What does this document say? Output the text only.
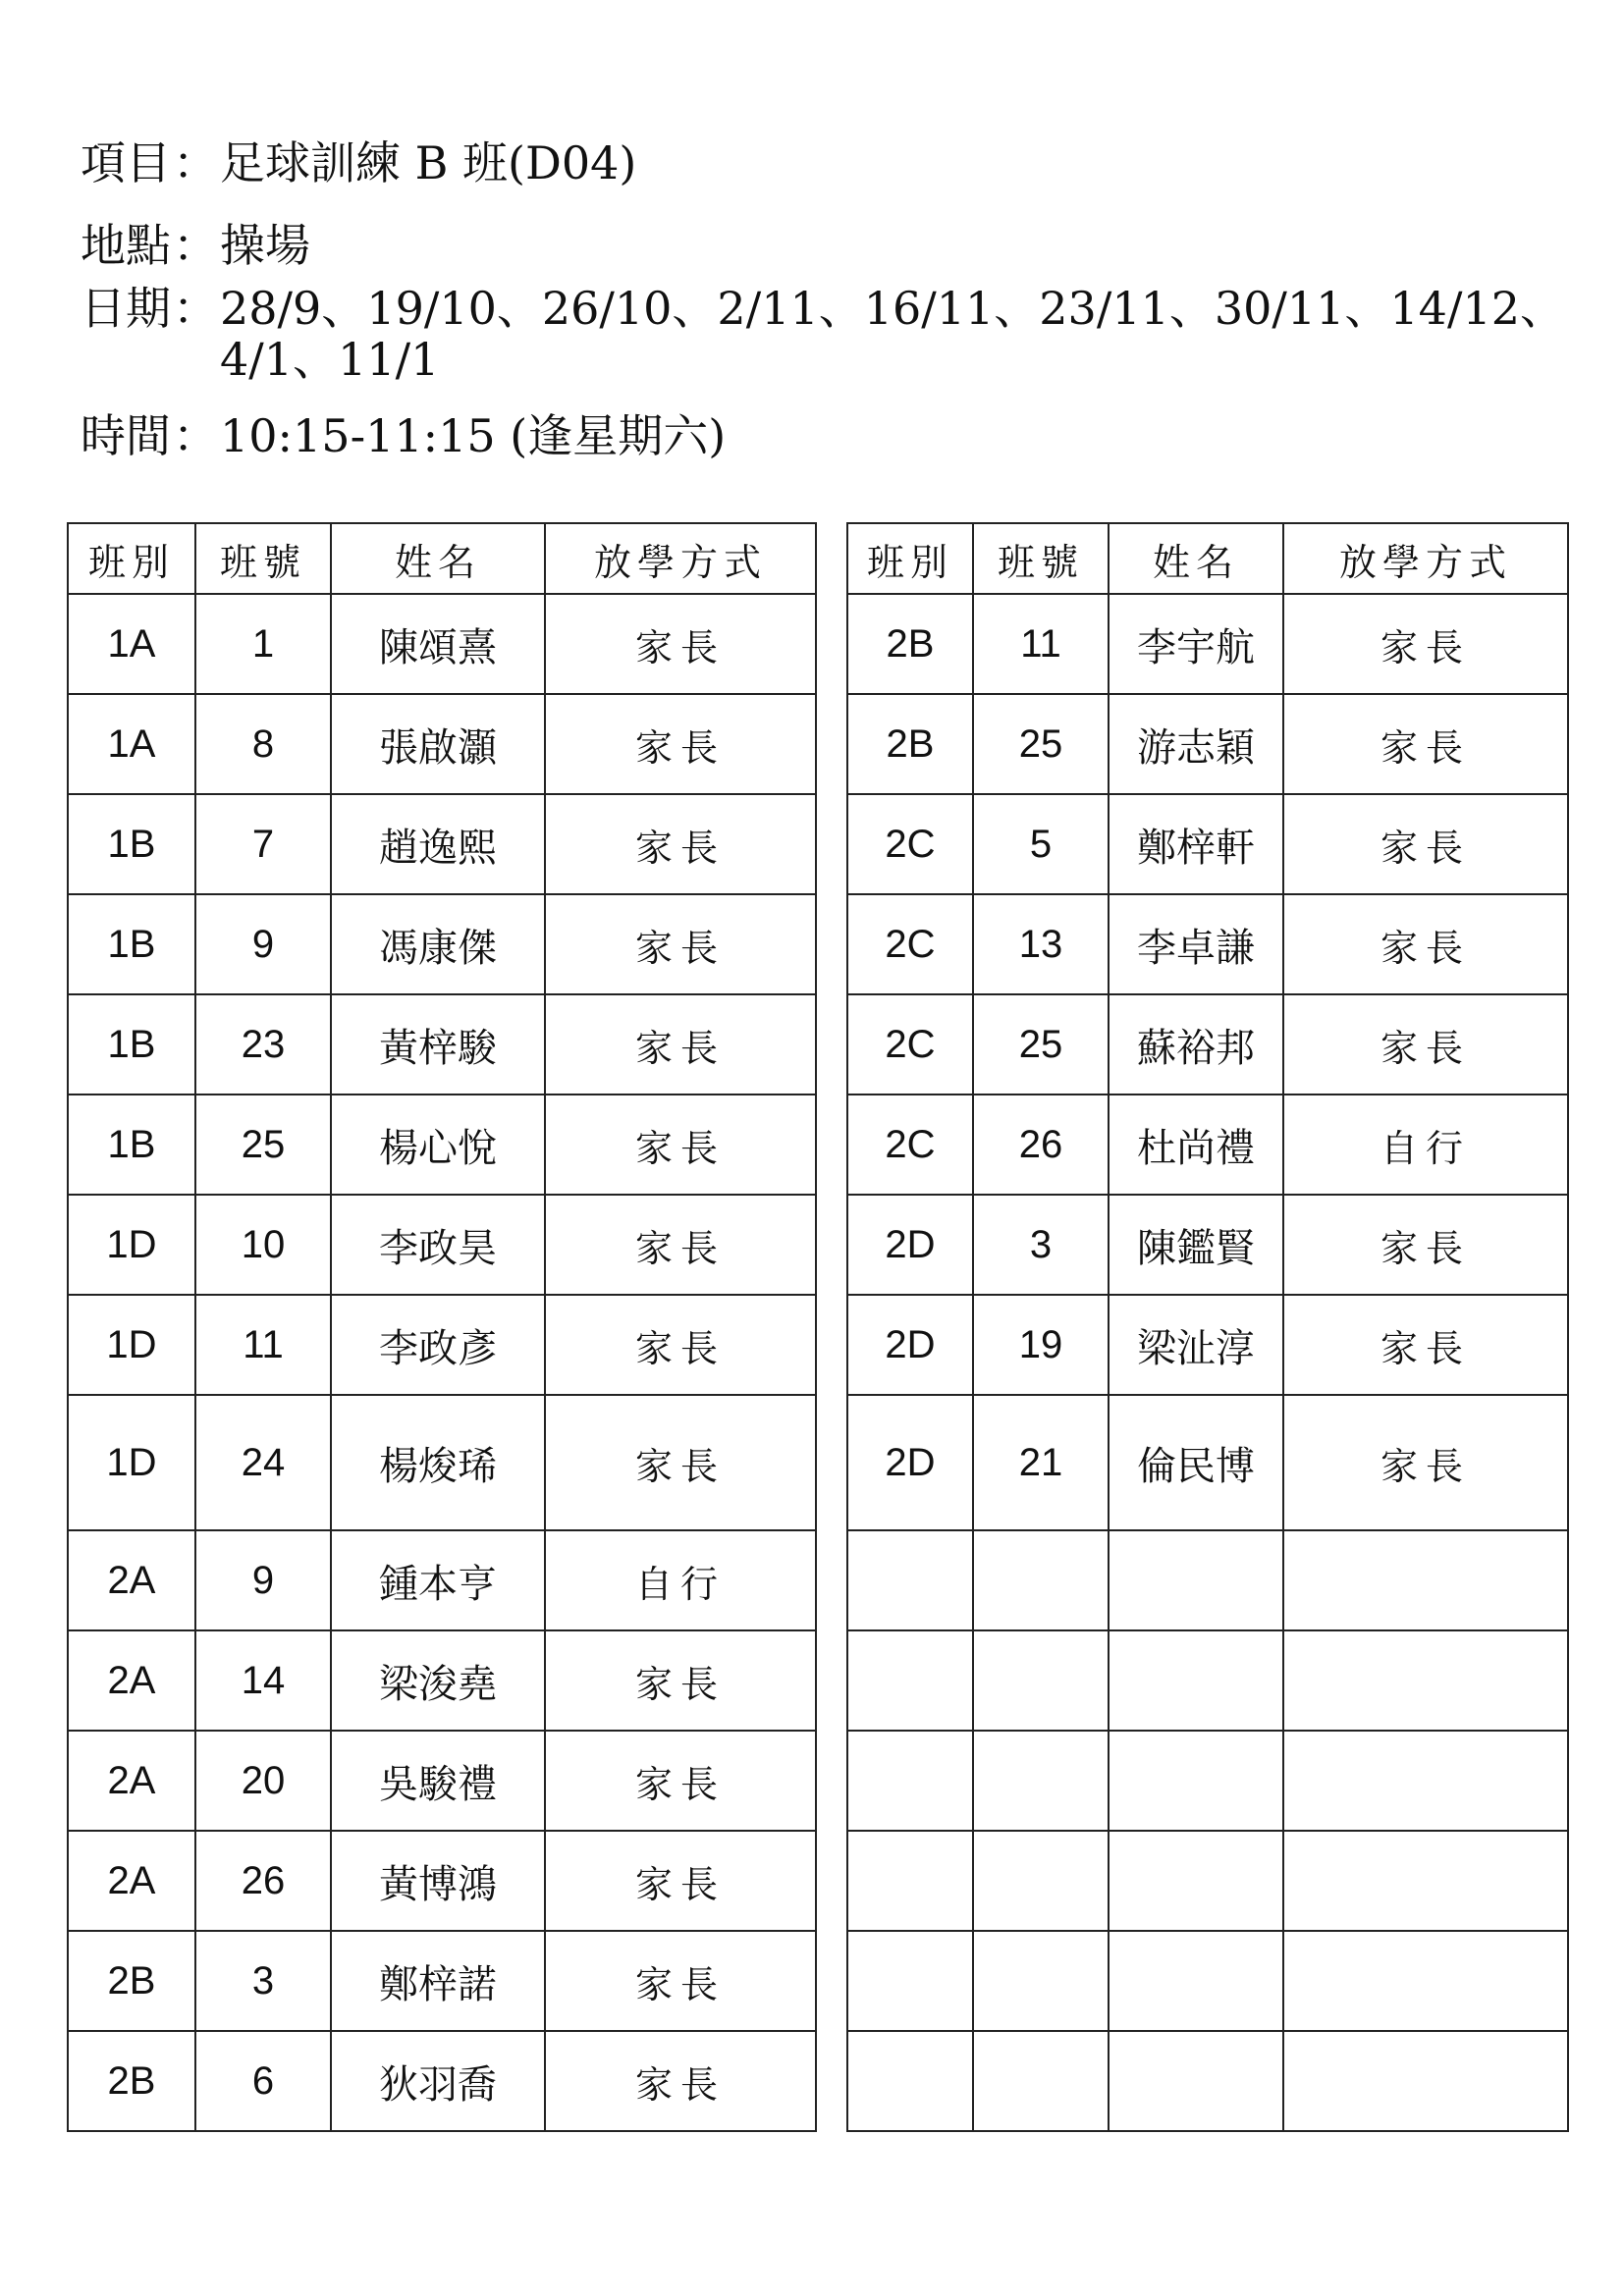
項目：足球訓練 B 班(D04)
地點：操場
日期：28/9、19/10、26/10、2/11、16/11、23/11、30/11、14/12、4/1、11/1
時間：10:15-11:15 (逢星期六)
班別	班號	姓名	放學方式
1A	1	陳頌熹	家長
1A	8	張啟灝	家長
1B	7	趙逸熙	家長
1B	9	馮康傑	家長
1B	23	黃梓駿	家長
1B	25	楊心悅	家長
1D	10	李政昊	家長
1D	11	李政彥	家長
1D	24	楊焌琋	家長
2A	9	鍾本亨	自行
2A	14	梁浚堯	家長
2A	20	吳駿禮	家長
2A	26	黃博鴻	家長
2B	3	鄭梓諾	家長
2B	6	狄羽喬	家長
班別	班號	姓名	放學方式
2B	11	李宇航	家長
2B	25	游志穎	家長
2C	5	鄭梓軒	家長
2C	13	李卓謙	家長
2C	25	蘇裕邦	家長
2C	26	杜尚禮	自行
2D	3	陳鑑賢	家長
2D	19	梁沚淳	家長
2D	21	倫民博	家長
